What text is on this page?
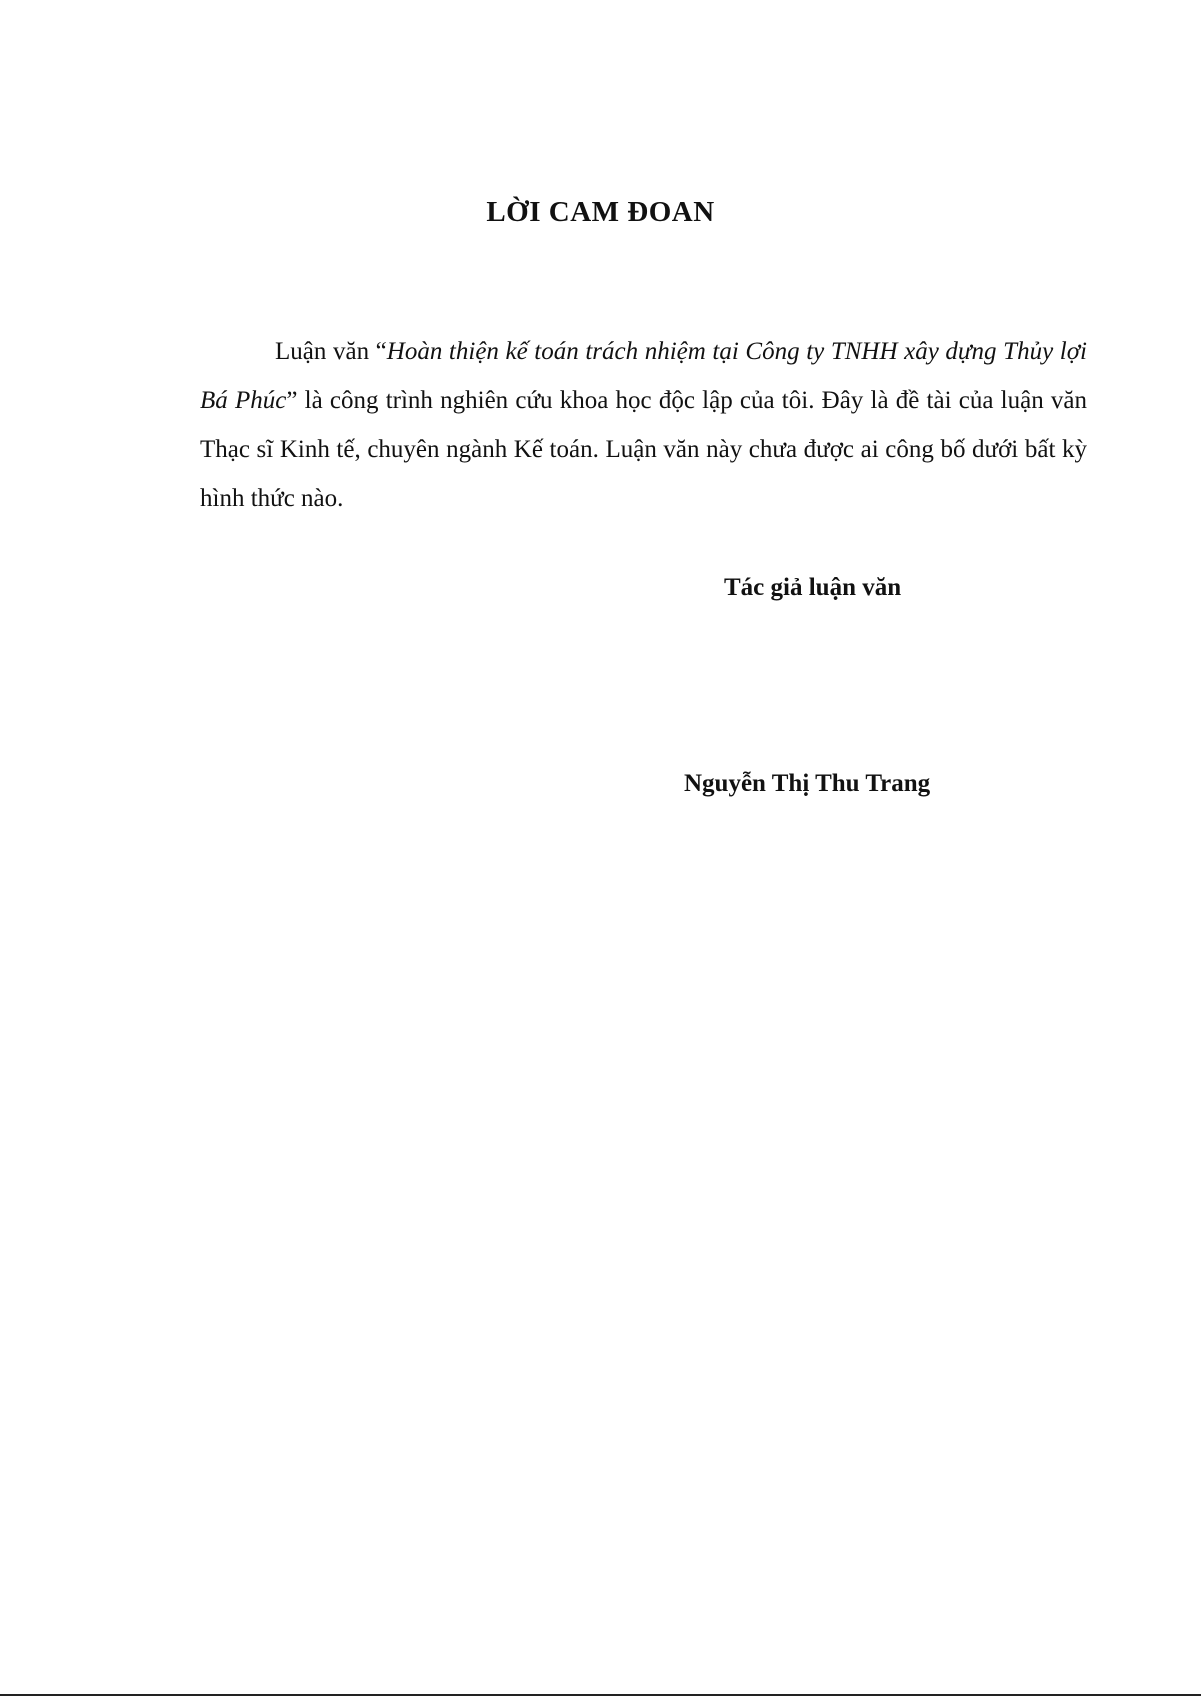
LỜI CAM ĐOAN

Luận văn “Hoàn thiện kế toán trách nhiệm tại Công ty TNHH xây dựng Thủy lợi Bá Phúc” là công trình nghiên cứu khoa học độc lập của tôi. Đây là đề tài của luận văn Thạc sĩ Kinh tế, chuyên ngành Kế toán. Luận văn này chưa được ai công bố dưới bất kỳ hình thức nào.

Tác giả luận văn

Nguyễn Thị Thu Trang
